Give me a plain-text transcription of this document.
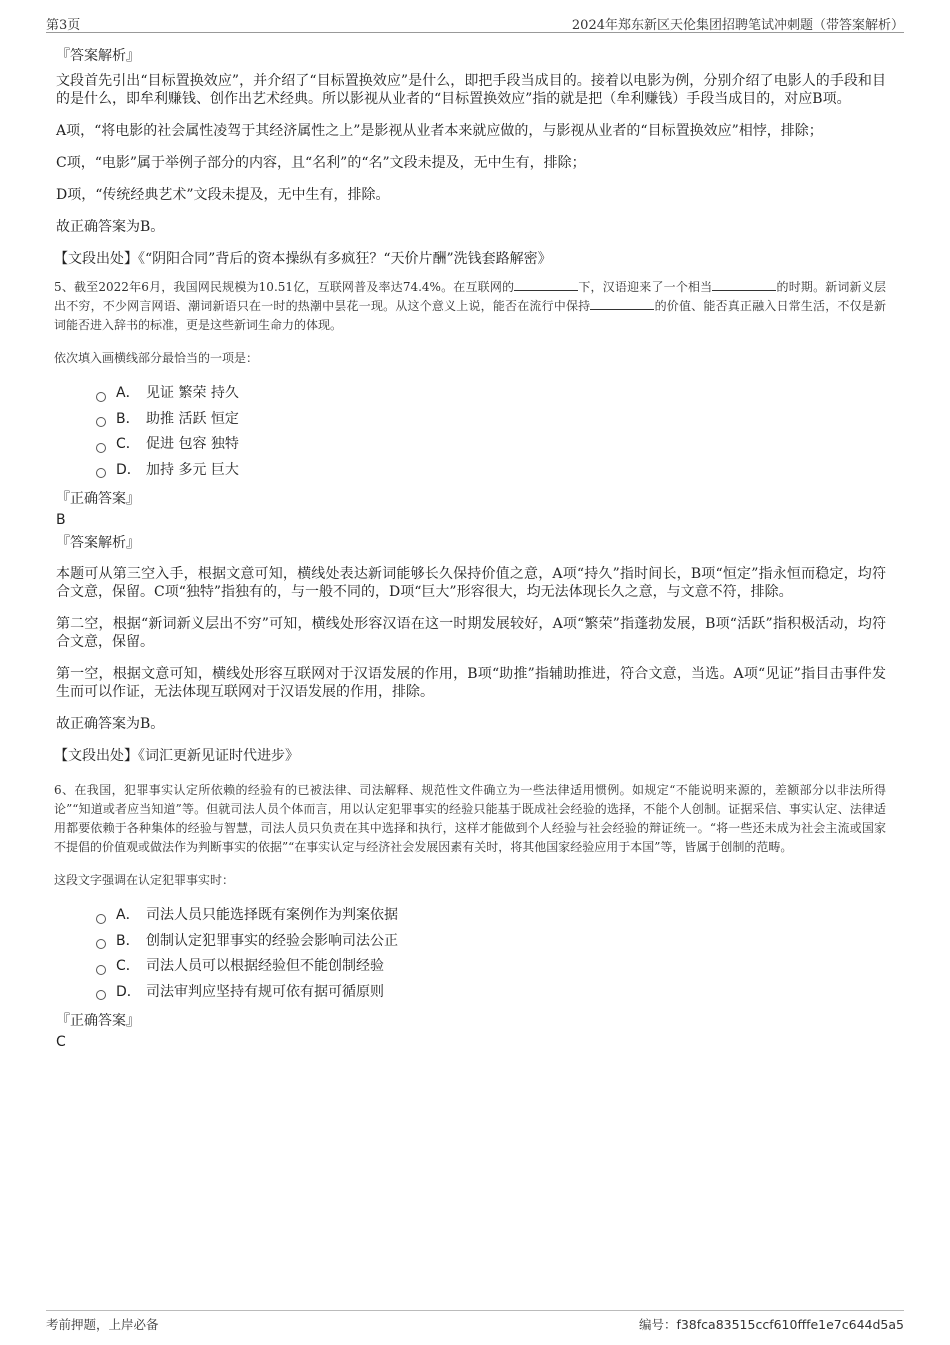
第3页	2024年郑东新区天伦集团招聘笔试冲刺题（带答案解析）
『答案解析』

文段首先引出“目标置换效应”，并介绍了“目标置换效应”是什么，即把手段当成目的。接着以电影为例，分别介绍了电影人的手段和目的是什么，即牟利赚钱、创作出艺术经典。所以影视从业者的“目标置换效应”指的就是把（牟利赚钱）手段当成目的，对应B项。

A项，“将电影的社会属性凌驾于其经济属性之上”是影视从业者本来就应做的，与影视从业者的“目标置换效应”相悖，排除；

C项，“电影”属于举例子部分的内容，且“名利”的“名”文段未提及，无中生有，排除；

D项，“传统经典艺术”文段未提及，无中生有，排除。

故正确答案为B。

【文段出处】《“阴阳合同”背后的资本操纵有多疯狂？“天价片酬”洗钱套路解密》
5、截至2022年6月，我国网民规模为10.51亿，互联网普及率达74.4%。在互联网的	下，汉语迎来了一个相当	的时期。新词新义层出不穷，不少网言网语、潮词新语只在一时的热潮中昙花一现。从这个意义上说，能否在流行中保持	的价值、能否真正融入日常生活，不仅是新词能否进入辞书的标准，更是这些新词生命力的体现。
依次填入画横线部分最恰当的一项是：
A． 见证 繁荣 持久
B． 助推 活跃 恒定
C． 促进 包容 独特
D． 加持 多元 巨大
『正确答案』
B
『答案解析』

本题可从第三空入手，根据文意可知，横线处表达新词能够长久保持价值之意，A项“持久”指时间长，B项“恒定”指永恒而稳定，均符合文意，保留。C项“独特”指独有的，与一般不同的，D项“巨大”形容很大，均无法体现长久之意，与文意不符，排除。

第二空，根据“新词新义层出不穷”可知，横线处形容汉语在这一时期发展较好，A项“繁荣”指蓬勃发展，B项“活跃”指积极活动，均符合文意，保留。

第一空，根据文意可知，横线处形容互联网对于汉语发展的作用，B项“助推”指辅助推进，符合文意，当选。A项“见证”指目击事件发生而可以作证，无法体现互联网对于汉语发展的作用，排除。

故正确答案为B。

【文段出处】《词汇更新见证时代进步》
6、在我国，犯罪事实认定所依赖的经验有的已被法律、司法解释、规范性文件确立为一些法律适用惯例。如规定“不能说明来源的，差额部分以非法所得论”“知道或者应当知道”等。但就司法人员个体而言，用以认定犯罪事实的经验只能基于既成社会经验的选择，不能个人创制。证据采信、事实认定、法律适用都要依赖于各种集体的经验与智慧，司法人员只负责在其中选择和执行，这样才能做到个人经验与社会经验的辩证统一。“将一些还未成为社会主流或国家不提倡的价值观或做法作为判断事实的依据”“在事实认定与经济社会发展因素有关时，将其他国家经验应用于本国”等，皆属于创制的范畴。
这段文字强调在认定犯罪事实时：
A． 司法人员只能选择既有案例作为判案依据
B． 创制认定犯罪事实的经验会影响司法公正
C． 司法人员可以根据经验但不能创制经验
D． 司法审判应坚持有规可依有据可循原则
『正确答案』
C
考前押题，上岸必备	编号：f38fca83515ccf610fffe1e7c644d5a5
